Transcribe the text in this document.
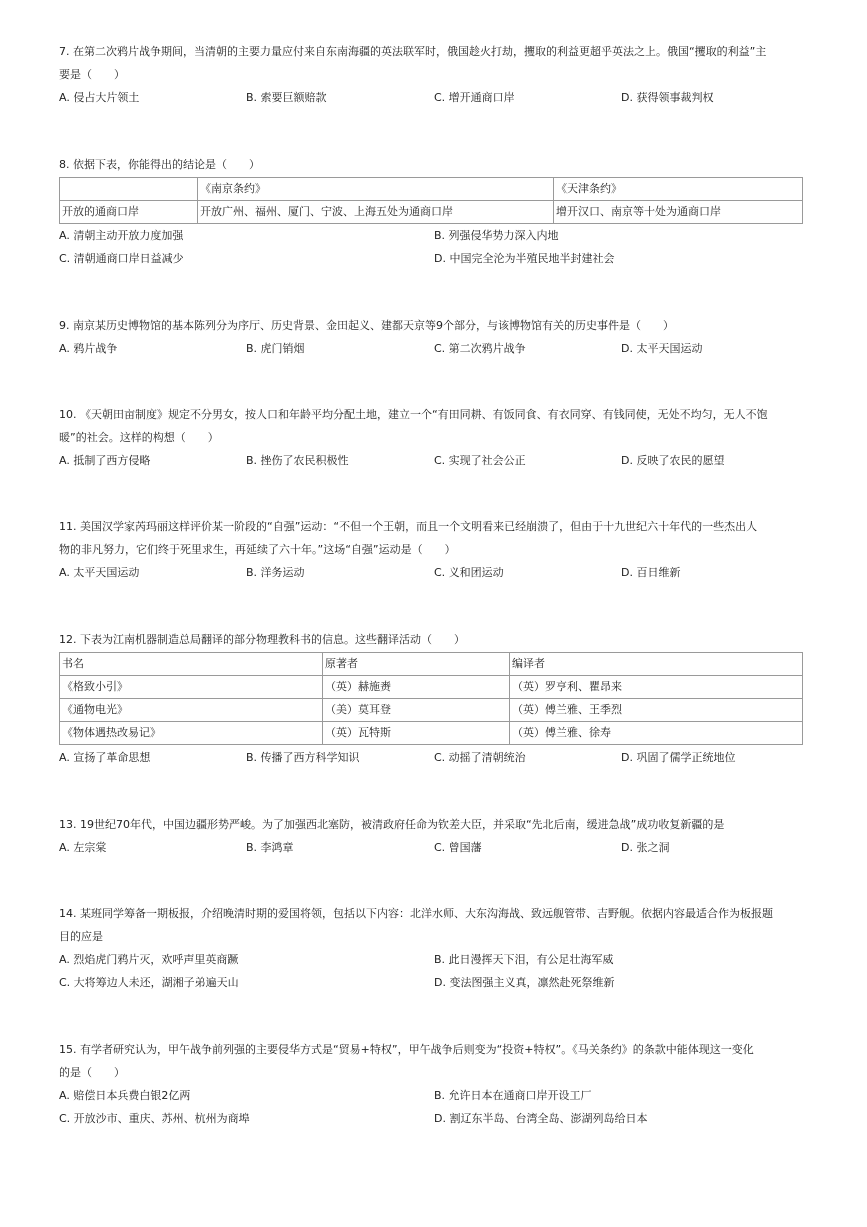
7. 在第二次鸦片战争期间，当清朝的主要力量应付来自东南海疆的英法联军时，俄国趁火打劫，攫取的利益更超乎英法之上。俄国“攫取的利益”主
要是（　　）
A. 侵占大片领土	B. 索要巨额赔款	C. 增开通商口岸	D. 获得领事裁判权
8. 依据下表，你能得出的结论是（　　）
	《南京条约》	《天津条约》
开放的通商口岸	开放广州、福州、厦门、宁波、上海五处为通商口岸	增开汉口、南京等十处为通商口岸
A. 清朝主动开放力度加强	B. 列强侵华势力深入内地
C. 清朝通商口岸日益减少	D. 中国完全沦为半殖民地半封建社会
9. 南京某历史博物馆的基本陈列分为序厅、历史背景、金田起义、建都天京等9个部分，与该博物馆有关的历史事件是（　　）
A. 鸦片战争	B. 虎门销烟	C. 第二次鸦片战争	D. 太平天国运动
10. 《天朝田亩制度》规定不分男女，按人口和年龄平均分配土地，建立一个“有田同耕、有饭同食、有衣同穿、有钱同使，无处不均匀，无人不饱
暖”的社会。这样的构想（　　）
A. 抵制了西方侵略	B. 挫伤了农民积极性	C. 实现了社会公正	D. 反映了农民的愿望
11. 美国汉学家芮玛丽这样评价某一阶段的“自强”运动：“不但一个王朝，而且一个文明看来已经崩溃了，但由于十九世纪六十年代的一些杰出人
物的非凡努力，它们终于死里求生，再延续了六十年。”这场“自强”运动是（　　）
A. 太平天国运动	B. 洋务运动	C. 义和团运动	D. 百日维新
12. 下表为江南机器制造总局翻译的部分物理教科书的信息。这些翻译活动（　　）
书名	原著者	编译者
《格致小引》	（英）赫施赉	（英）罗亨利、瞿昂来
《通物电光》	（美）莫耳登	（英）傅兰雅、王季烈
《物体遇热改易记》	（英）瓦特斯	（英）傅兰雅、徐寿
A. 宣扬了革命思想	B. 传播了西方科学知识	C. 动摇了清朝统治	D. 巩固了儒学正统地位
13. 19世纪70年代，中国边疆形势严峻。为了加强西北塞防，被清政府任命为钦差大臣，并采取“先北后南，缓进急战”成功收复新疆的是
A. 左宗棠	B. 李鸿章	C. 曾国藩	D. 张之洞
14. 某班同学筹备一期板报，介绍晚清时期的爱国将领，包括以下内容：北洋水师、大东沟海战、致远舰管带、吉野舰。依据内容最适合作为板报题
目的应是
A. 烈焰虎门鸦片灭，欢呼声里英商蹶	B. 此日漫挥天下泪，有公足壮海军威
C. 大将筹边人未还，湖湘子弟遍天山	D. 变法图强主义真，凛然赴死祭维新
15. 有学者研究认为，甲午战争前列强的主要侵华方式是“贸易+特权”，甲午战争后则变为“投资+特权”。《马关条约》的条款中能体现这一变化
的是（　　）
A. 赔偿日本兵费白银2亿两	B. 允许日本在通商口岸开设工厂
C. 开放沙市、重庆、苏州、杭州为商埠	D. 割辽东半岛、台湾全岛、澎湖列岛给日本
